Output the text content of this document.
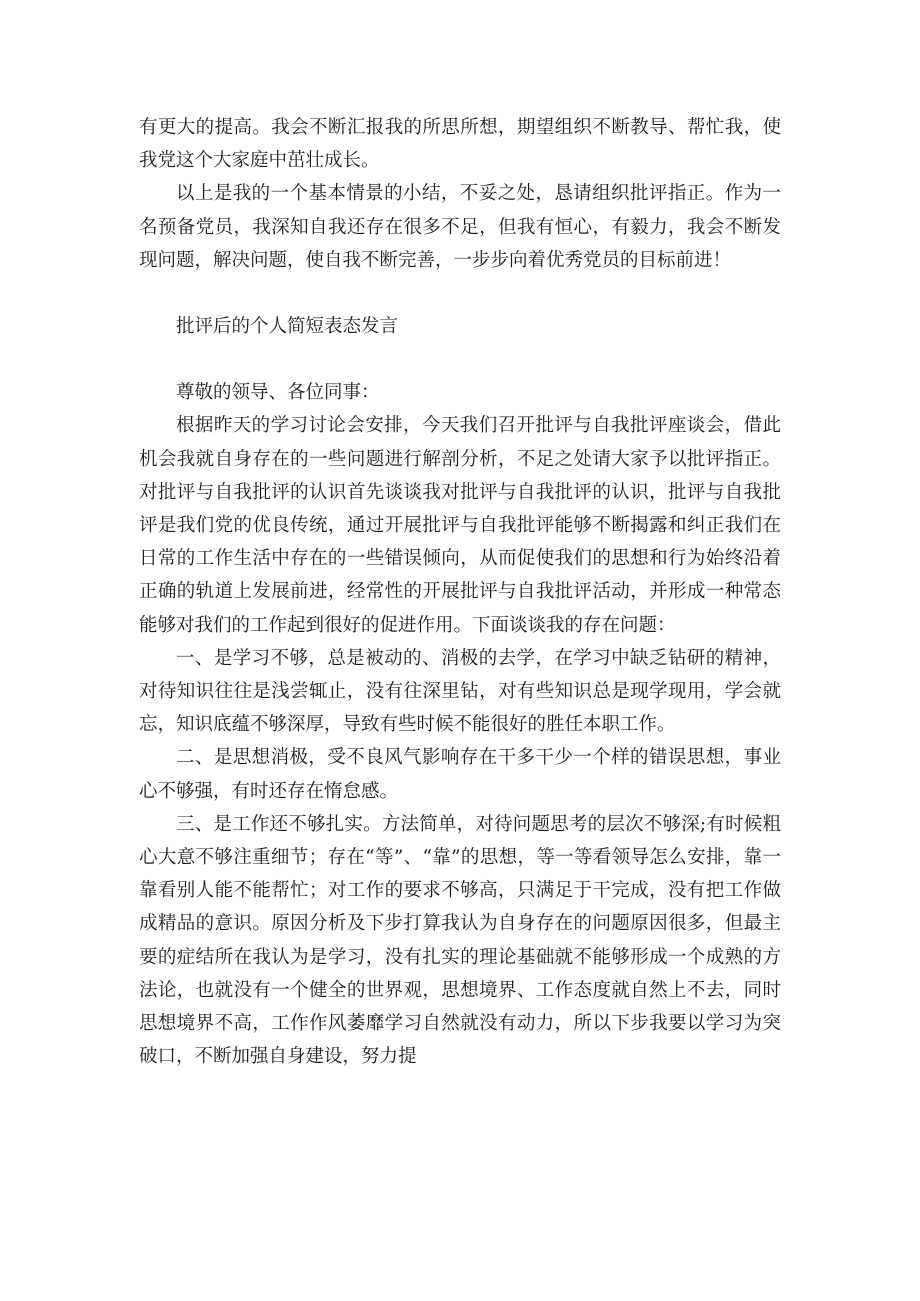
有更大的提高。我会不断汇报我的所思所想，期望组织不断教导、帮忙我，使我党这个大家庭中茁壮成长。

以上是我的一个基本情景的小结，不妥之处，恳请组织批评指正。作为一名预备党员，我深知自我还存在很多不足，但我有恒心，有毅力，我会不断发现问题，解决问题，使自我不断完善，一步步向着优秀党员的目标前进！

批评后的个人简短表态发言

尊敬的领导、各位同事：

根据昨天的学习讨论会安排，今天我们召开批评与自我批评座谈会，借此机会我就自身存在的一些问题进行解剖分析，不足之处请大家予以批评指正。对批评与自我批评的认识首先谈谈我对批评与自我批评的认识，批评与自我批评是我们党的优良传统，通过开展批评与自我批评能够不断揭露和纠正我们在日常的工作生活中存在的一些错误倾向，从而促使我们的思想和行为始终沿着正确的轨道上发展前进，经常性的开展批评与自我批评活动，并形成一种常态能够对我们的工作起到很好的促进作用。下面谈谈我的存在问题：

一、是学习不够，总是被动的、消极的去学，在学习中缺乏钻研的精神，对待知识往往是浅尝辄止，没有往深里钻，对有些知识总是现学现用，学会就忘，知识底蕴不够深厚，导致有些时候不能很好的胜任本职工作。

二、是思想消极，受不良风气影响存在干多干少一个样的错误思想，事业心不够强，有时还存在惰怠感。

三、是工作还不够扎实。方法简单，对待问题思考的层次不够深;有时候粗心大意不够注重细节；存在“等”、“靠”的思想，等一等看领导怎么安排，靠一靠看别人能不能帮忙；对工作的要求不够高，只满足于干完成，没有把工作做成精品的意识。原因分析及下步打算我认为自身存在的问题原因很多，但最主要的症结所在我认为是学习，没有扎实的理论基础就不能够形成一个成熟的方法论，也就没有一个健全的世界观，思想境界、工作态度就自然上不去，同时思想境界不高，工作作风萎靡学习自然就没有动力，所以下步我要以学习为突破口，不断加强自身建设，努力提
